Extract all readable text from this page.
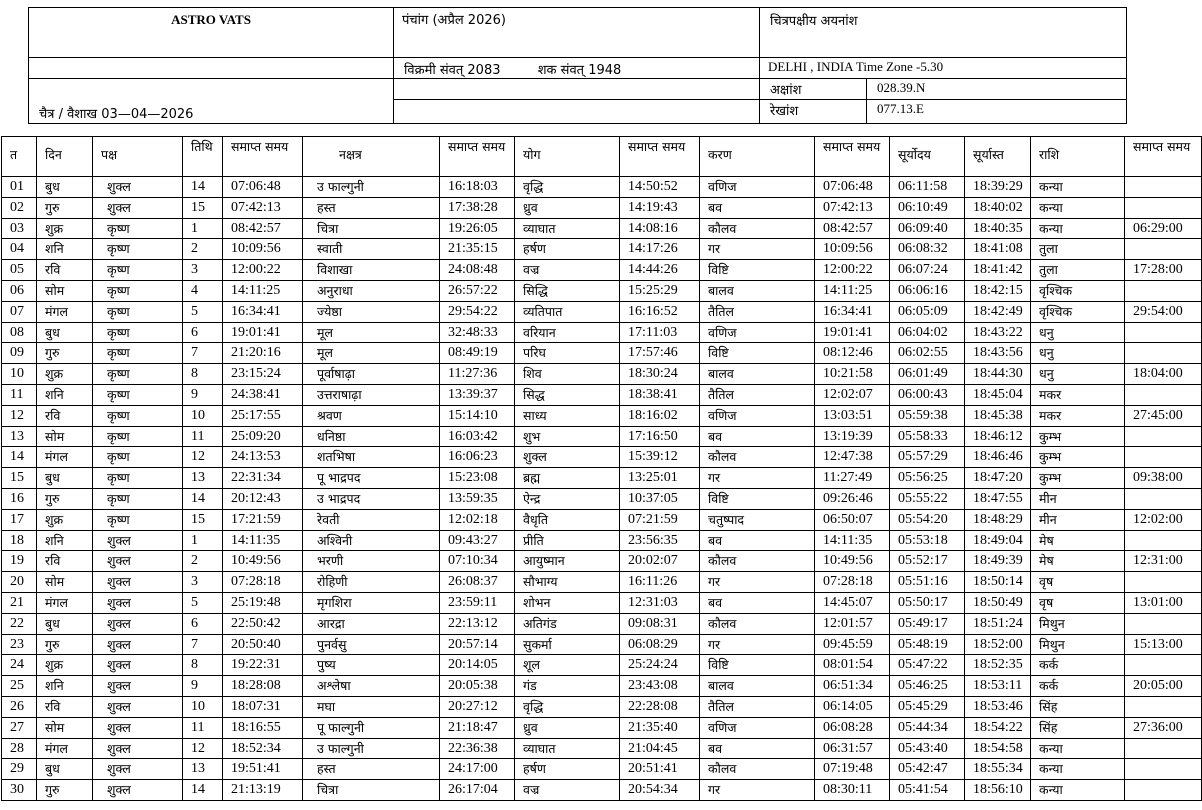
ASTRO VATS	पंचांग (अप्रैल 2026)	चित्रपक्षीय अयनांश	

	विक्रमी संवत् 2083 शक संवत् 1948	DELHI , INDIA Time Zone -5.30	
		अक्षांश	028.39.N
चैत्र / वैशाख 03—04—2026		रेखांश	077.13.E
त	दिन	पक्ष	तिथि	समाप्त समय	नक्षत्र	समाप्त समय	योग	समाप्त समय	करण	समाप्त समय	सूर्योदय	सूर्यास्त	राशि	समाप्त समय
01	बुध	शुक्ल	14	07:06:48	उ फाल्गुनी	16:18:03	वृद्धि	14:50:52	वणिज	07:06:48	06:11:58	18:39:29	कन्या	
02	गुरु	शुक्ल	15	07:42:13	हस्त	17:38:28	ध्रुव	14:19:43	बव	07:42:13	06:10:49	18:40:02	कन्या	
03	शुक्र	कृष्ण	1	08:42:57	चित्रा	19:26:05	व्याघात	14:08:16	कौलव	08:42:57	06:09:40	18:40:35	कन्या	06:29:00
04	शनि	कृष्ण	2	10:09:56	स्वाती	21:35:15	हर्षण	14:17:26	गर	10:09:56	06:08:32	18:41:08	तुला	
05	रवि	कृष्ण	3	12:00:22	विशाखा	24:08:48	वज्र	14:44:26	विष्टि	12:00:22	06:07:24	18:41:42	तुला	17:28:00
06	सोम	कृष्ण	4	14:11:25	अनुराधा	26:57:22	सिद्धि	15:25:29	बालव	14:11:25	06:06:16	18:42:15	वृश्चिक	
07	मंगल	कृष्ण	5	16:34:41	ज्येष्ठा	29:54:22	व्यतिपात	16:16:52	तैतिल	16:34:41	06:05:09	18:42:49	वृश्चिक	29:54:00
08	बुध	कृष्ण	6	19:01:41	मूल	32:48:33	वरियान	17:11:03	वणिज	19:01:41	06:04:02	18:43:22	धनु	
09	गुरु	कृष्ण	7	21:20:16	मूल	08:49:19	परिघ	17:57:46	विष्टि	08:12:46	06:02:55	18:43:56	धनु	
10	शुक्र	कृष्ण	8	23:15:24	पूर्वाषाढ़ा	11:27:36	शिव	18:30:24	बालव	10:21:58	06:01:49	18:44:30	धनु	18:04:00
11	शनि	कृष्ण	9	24:38:41	उत्तराषाढ़ा	13:39:37	सिद्ध	18:38:41	तैतिल	12:02:07	06:00:43	18:45:04	मकर	
12	रवि	कृष्ण	10	25:17:55	श्रवण	15:14:10	साध्य	18:16:02	वणिज	13:03:51	05:59:38	18:45:38	मकर	27:45:00
13	सोम	कृष्ण	11	25:09:20	धनिष्ठा	16:03:42	शुभ	17:16:50	बव	13:19:39	05:58:33	18:46:12	कुम्भ	
14	मंगल	कृष्ण	12	24:13:53	शतभिषा	16:06:23	शुक्ल	15:39:12	कौलव	12:47:38	05:57:29	18:46:46	कुम्भ	
15	बुध	कृष्ण	13	22:31:34	पू भाद्रपद	15:23:08	ब्रह्म	13:25:01	गर	11:27:49	05:56:25	18:47:20	कुम्भ	09:38:00
16	गुरु	कृष्ण	14	20:12:43	उ भाद्रपद	13:59:35	ऐन्द्र	10:37:05	विष्टि	09:26:46	05:55:22	18:47:55	मीन	
17	शुक्र	कृष्ण	15	17:21:59	रेवती	12:02:18	वैधृति	07:21:59	चतुष्पाद	06:50:07	05:54:20	18:48:29	मीन	12:02:00
18	शनि	शुक्ल	1	14:11:35	अश्विनी	09:43:27	प्रीति	23:56:35	बव	14:11:35	05:53:18	18:49:04	मेष	
19	रवि	शुक्ल	2	10:49:56	भरणी	07:10:34	आयुष्मान	20:02:07	कौलव	10:49:56	05:52:17	18:49:39	मेष	12:31:00
20	सोम	शुक्ल	3	07:28:18	रोहिणी	26:08:37	सौभाग्य	16:11:26	गर	07:28:18	05:51:16	18:50:14	वृष	
21	मंगल	शुक्ल	5	25:19:48	मृगशिरा	23:59:11	शोभन	12:31:03	बव	14:45:07	05:50:17	18:50:49	वृष	13:01:00
22	बुध	शुक्ल	6	22:50:42	आरद्रा	22:13:12	अतिगंड	09:08:31	कौलव	12:01:57	05:49:17	18:51:24	मिथुन	
23	गुरु	शुक्ल	7	20:50:40	पुनर्वसु	20:57:14	सुकर्मा	06:08:29	गर	09:45:59	05:48:19	18:52:00	मिथुन	15:13:00
24	शुक्र	शुक्ल	8	19:22:31	पुष्य	20:14:05	शूल	25:24:24	विष्टि	08:01:54	05:47:22	18:52:35	कर्क	
25	शनि	शुक्ल	9	18:28:08	अश्लेषा	20:05:38	गंड	23:43:08	बालव	06:51:34	05:46:25	18:53:11	कर्क	20:05:00
26	रवि	शुक्ल	10	18:07:31	मघा	20:27:12	वृद्धि	22:28:08	तैतिल	06:14:05	05:45:29	18:53:46	सिंह	
27	सोम	शुक्ल	11	18:16:55	पू फाल्गुनी	21:18:47	ध्रुव	21:35:40	वणिज	06:08:28	05:44:34	18:54:22	सिंह	27:36:00
28	मंगल	शुक्ल	12	18:52:34	उ फाल्गुनी	22:36:38	व्याघात	21:04:45	बव	06:31:57	05:43:40	18:54:58	कन्या	
29	बुध	शुक्ल	13	19:51:41	हस्त	24:17:00	हर्षण	20:51:41	कौलव	07:19:48	05:42:47	18:55:34	कन्या	
30	गुरु	शुक्ल	14	21:13:19	चित्रा	26:17:04	वज्र	20:54:34	गर	08:30:11	05:41:54	18:56:10	कन्या	
